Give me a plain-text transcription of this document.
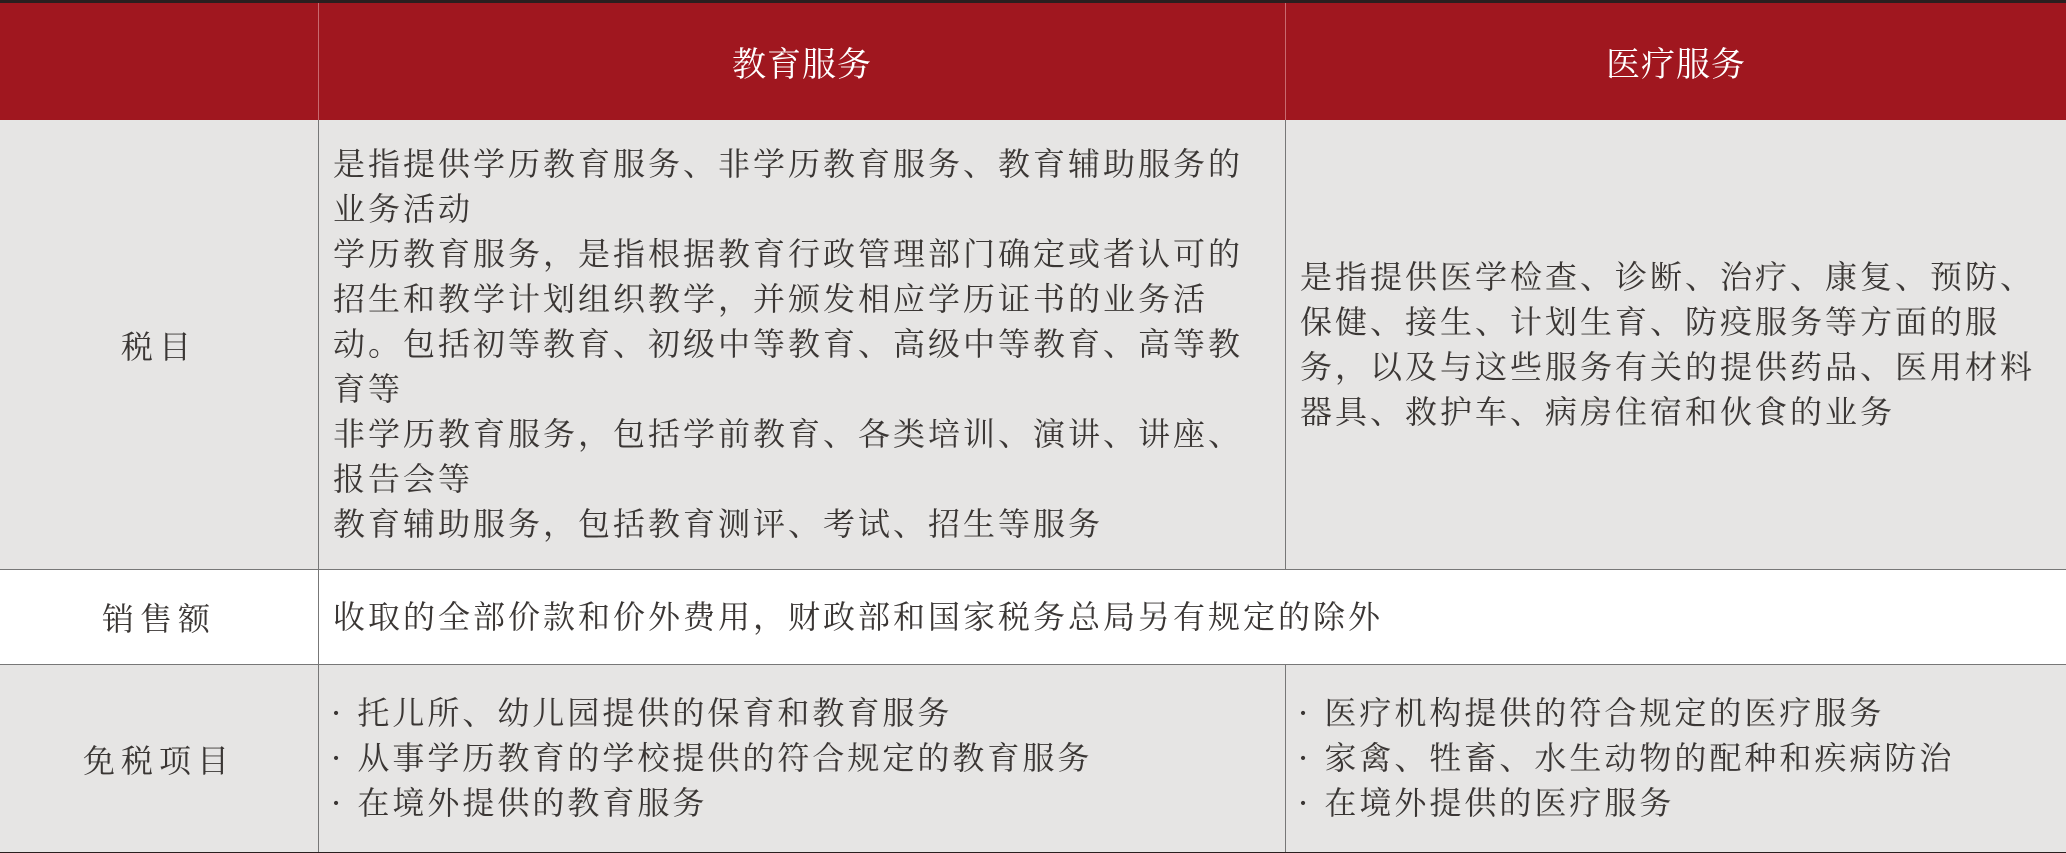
教育服务	医疗服务
税目

是指提供学历教育服务、非学历教育服务、教育辅助服务的业务活动

学历教育服务，是指根据教育行政管理部门确定或者认可的招生和教学计划组织教学，并颁发相应学历证书的业务活动。包括初等教育、初级中等教育、高级中等教育、高等教育等

非学历教育服务，包括学前教育、各类培训、演讲、讲座、报告会等

教育辅助服务，包括教育测评、考试、招生等服务

是指提供医学检查、诊断、治疗、康复、预防、保健、接生、计划生育、防疫服务等方面的服务，以及与这些服务有关的提供药品、医用材料器具、救护车、病房住宿和伙食的业务

销售额	收取的全部价款和价外费用，财政部和国家税务总局另有规定的除外

免税项目

· 托儿所、幼儿园提供的保育和教育服务

· 从事学历教育的学校提供的符合规定的教育服务

· 在境外提供的教育服务

· 医疗机构提供的符合规定的医疗服务

· 家禽、牲畜、水生动物的配种和疾病防治

· 在境外提供的医疗服务
